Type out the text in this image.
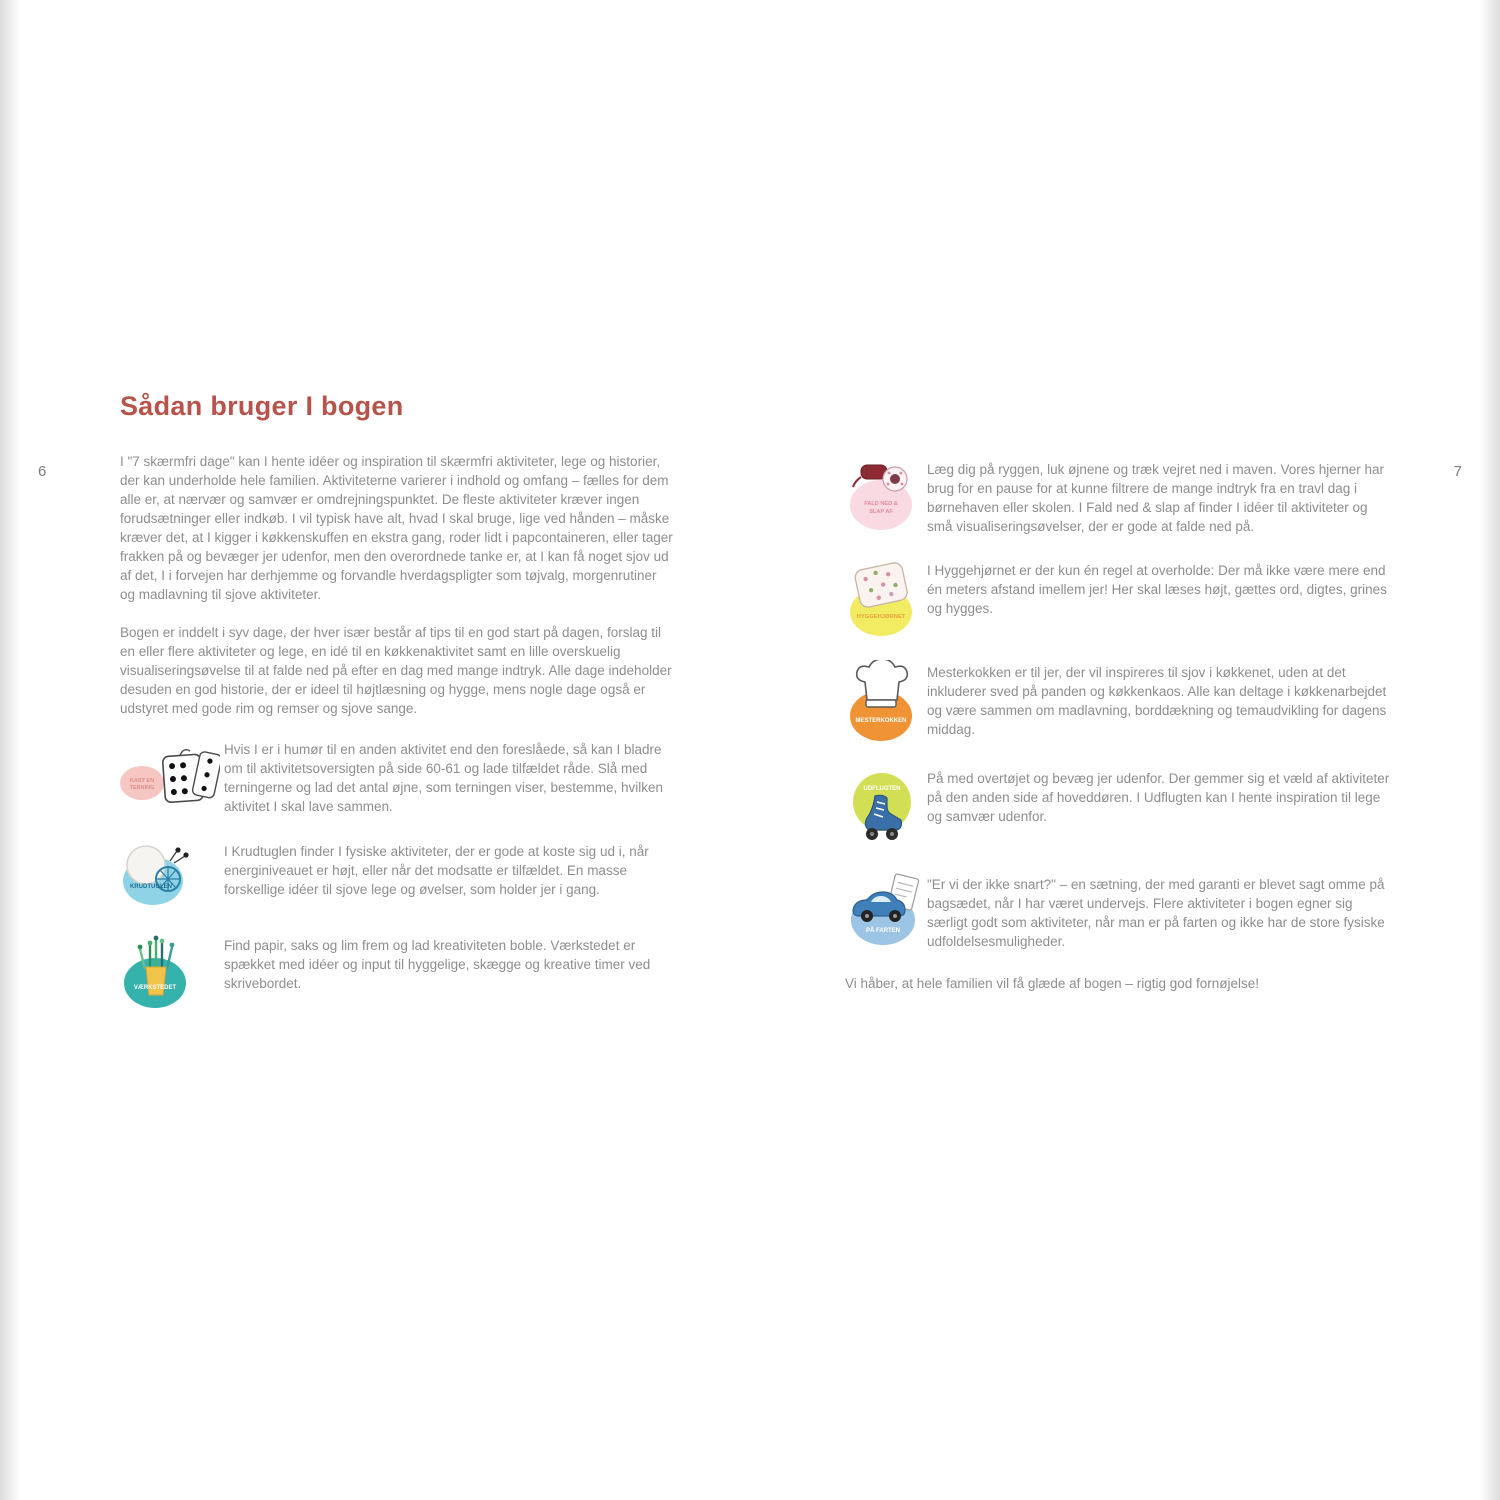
6	7
Sådan bruger I bogen

I "7 skærmfri dage" kan I hente idéer og inspiration til skærmfri aktiviteter, lege og historier, der kan underholde hele familien. Aktiviteterne varierer i indhold og omfang – fælles for dem alle er, at nærvær og samvær er omdrejningspunktet. De fleste aktiviteter kræver ingen forudsætninger eller indkøb. I vil typisk have alt, hvad I skal bruge, lige ved hånden – måske kræver det, at I kigger i køkkenskuffen en ekstra gang, roder lidt i papcontaineren, eller tager frakken på og bevæger jer udenfor, men den overordnede tanke er, at I kan få noget sjov ud af det, I i forvejen har derhjemme og forvandle hverdagspligter som tøjvalg, morgenrutiner og madlavning til sjove aktiviteter.

Bogen er inddelt i syv dage, der hver især består af tips til en god start på dagen, forslag til en eller flere aktiviteter og lege, en idé til en køkkenaktivitet samt en lille overskuelig visualiseringsøvelse til at falde ned på efter en dag med mange indtryk. Alle dage indeholder desuden en god historie, der er ideel til højtlæsning og hygge, mens nogle dage også er udstyret med gode rim og remser og sjove sange.

KAST EN
TERNING
Hvis I er i humør til en anden aktivitet end den foreslåede, så kan I bladre om til aktivitetsoversigten på side 60-61 og lade tilfældet råde. Slå med terningerne og lad det antal øjne, som terningen viser, bestemme, hvilken aktivitet I skal lave sammen.
KRUDTUGLEN
I Krudtuglen finder I fysiske aktiviteter, der er gode at koste sig ud i, når energiniveauet er højt, eller når det modsatte er tilfældet. En masse forskellige idéer til sjove lege og øvelser, som holder jer i gang.
VÆRKSTEDET
Find papir, saks og lim frem og lad kreativiteten boble. Værkstedet er spækket med idéer og input til hyggelige, skægge og kreative timer ved skrivebordet.
FALD NED &
SLAP AF
Læg dig på ryggen, luk øjnene og træk vejret ned i maven. Vores hjerner har brug for en pause for at kunne filtrere de mange indtryk fra en travl dag i børnehaven eller skolen. I Fald ned & slap af finder I idéer til aktiviteter og små visualiseringsøvelser, der er gode at falde ned på.
HYGGEHJØRNET
I Hyggehjørnet er der kun én regel at overholde: Der må ikke være mere end én meters afstand imellem jer! Her skal læses højt, gættes ord, digtes, grines og hygges.
MESTERKOKKEN
Mesterkokken er til jer, der vil inspireres til sjov i køkkenet, uden at det inkluderer sved på panden og køkkenkaos. Alle kan deltage i køkkenarbejdet og være sammen om madlavning, borddækning og temaudvikling for dagens middag.
UDFLUGTEN
På med overtøjet og bevæg jer udenfor. Der gemmer sig et væld af aktiviteter på den anden side af hoveddøren. I Udflugten kan I hente inspiration til lege og samvær udenfor.
PÅ FARTEN
"Er vi der ikke snart?" – en sætning, der med garanti er blevet sagt omme på bagsædet, når I har været undervejs. Flere aktiviteter i bogen egner sig særligt godt som aktiviteter, når man er på farten og ikke har de store fysiske udfoldelsesmuligheder.

Vi håber, at hele familien vil få glæde af bogen – rigtig god fornøjelse!
